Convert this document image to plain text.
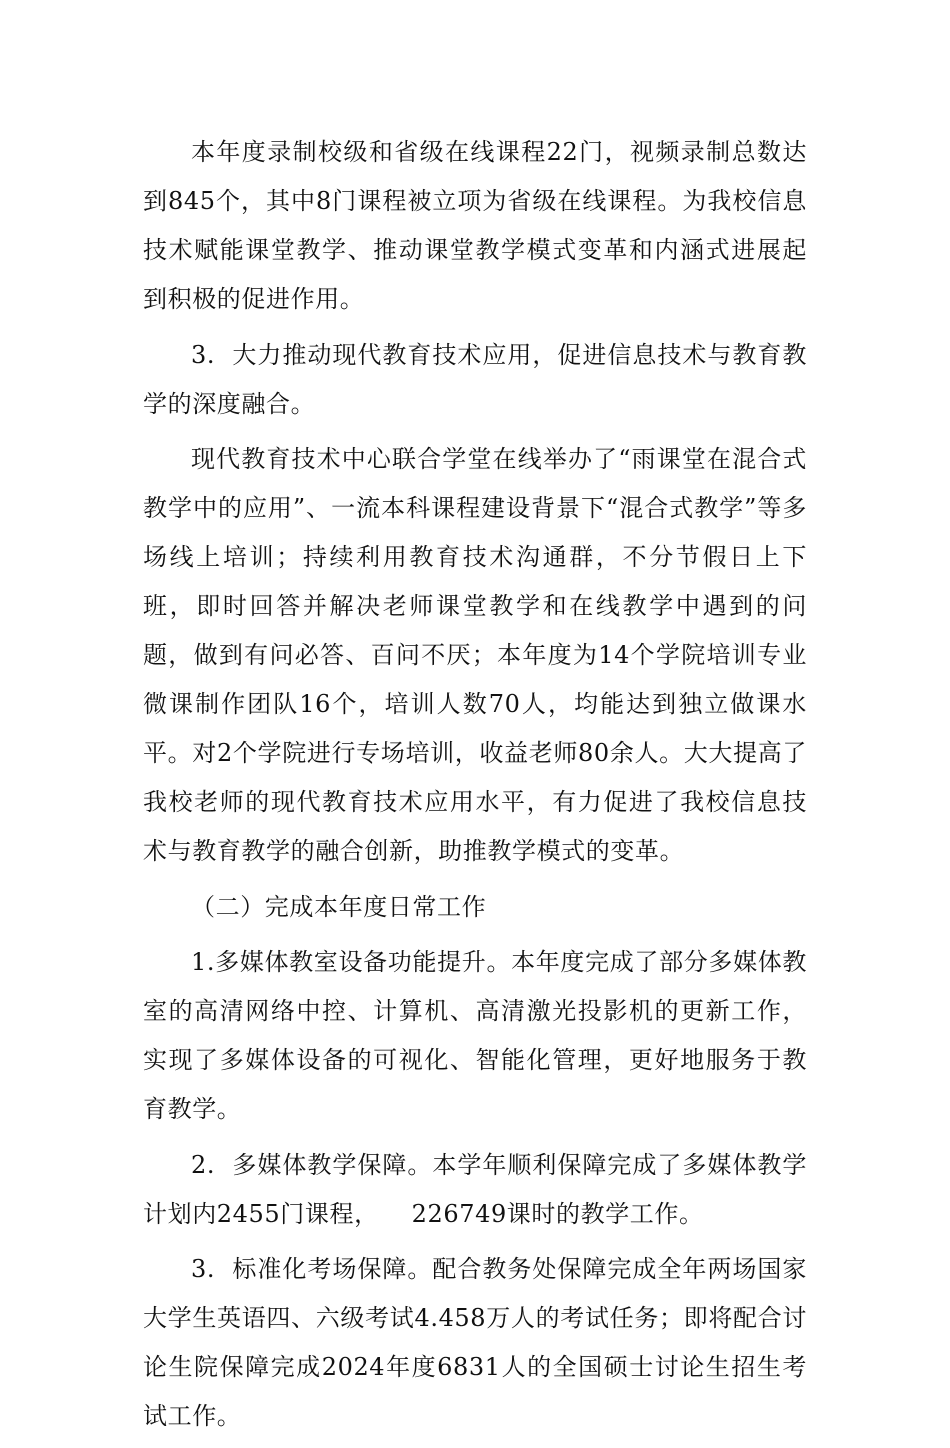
本年度录制校级和省级在线课程22门，视频录制总数达到845个，其中8门课程被立项为省级在线课程。为我校信息技术赋能课堂教学、推动课堂教学模式变革和内涵式进展起到积极的促进作用。

3.  大力推动现代教育技术应用，促进信息技术与教育教学的深度融合。

现代教育技术中心联合学堂在线举办了“雨课堂在混合式教学中的应用”、一流本科课程建设背景下“混合式教学”等多场线上培训；持续利用教育技术沟通群，不分节假日上下班，即时回答并解决老师课堂教学和在线教学中遇到的问题，做到有问必答、百问不厌；本年度为14个学院培训专业微课制作团队16个，培训人数70人，均能达到独立做课水平。对2个学院进行专场培训，收益老师80余人。大大提高了我校老师的现代教育技术应用水平，有力促进了我校信息技术与教育教学的融合创新，助推教学模式的变革。

（二）完成本年度日常工作

1.多媒体教室设备功能提升。本年度完成了部分多媒体教室的高清网络中控、计算机、高清激光投影机的更新工作，实现了多媒体设备的可视化、智能化管理，更好地服务于教育教学。

2.  多媒体教学保障。本学年顺利保障完成了多媒体教学计划内2455门课程，    226749课时的教学工作。

3.  标准化考场保障。配合教务处保障完成全年两场国家大学生英语四、六级考试4.458万人的考试任务；即将配合讨论生院保障完成2024年度6831人的全国硕士讨论生招生考试工作。
